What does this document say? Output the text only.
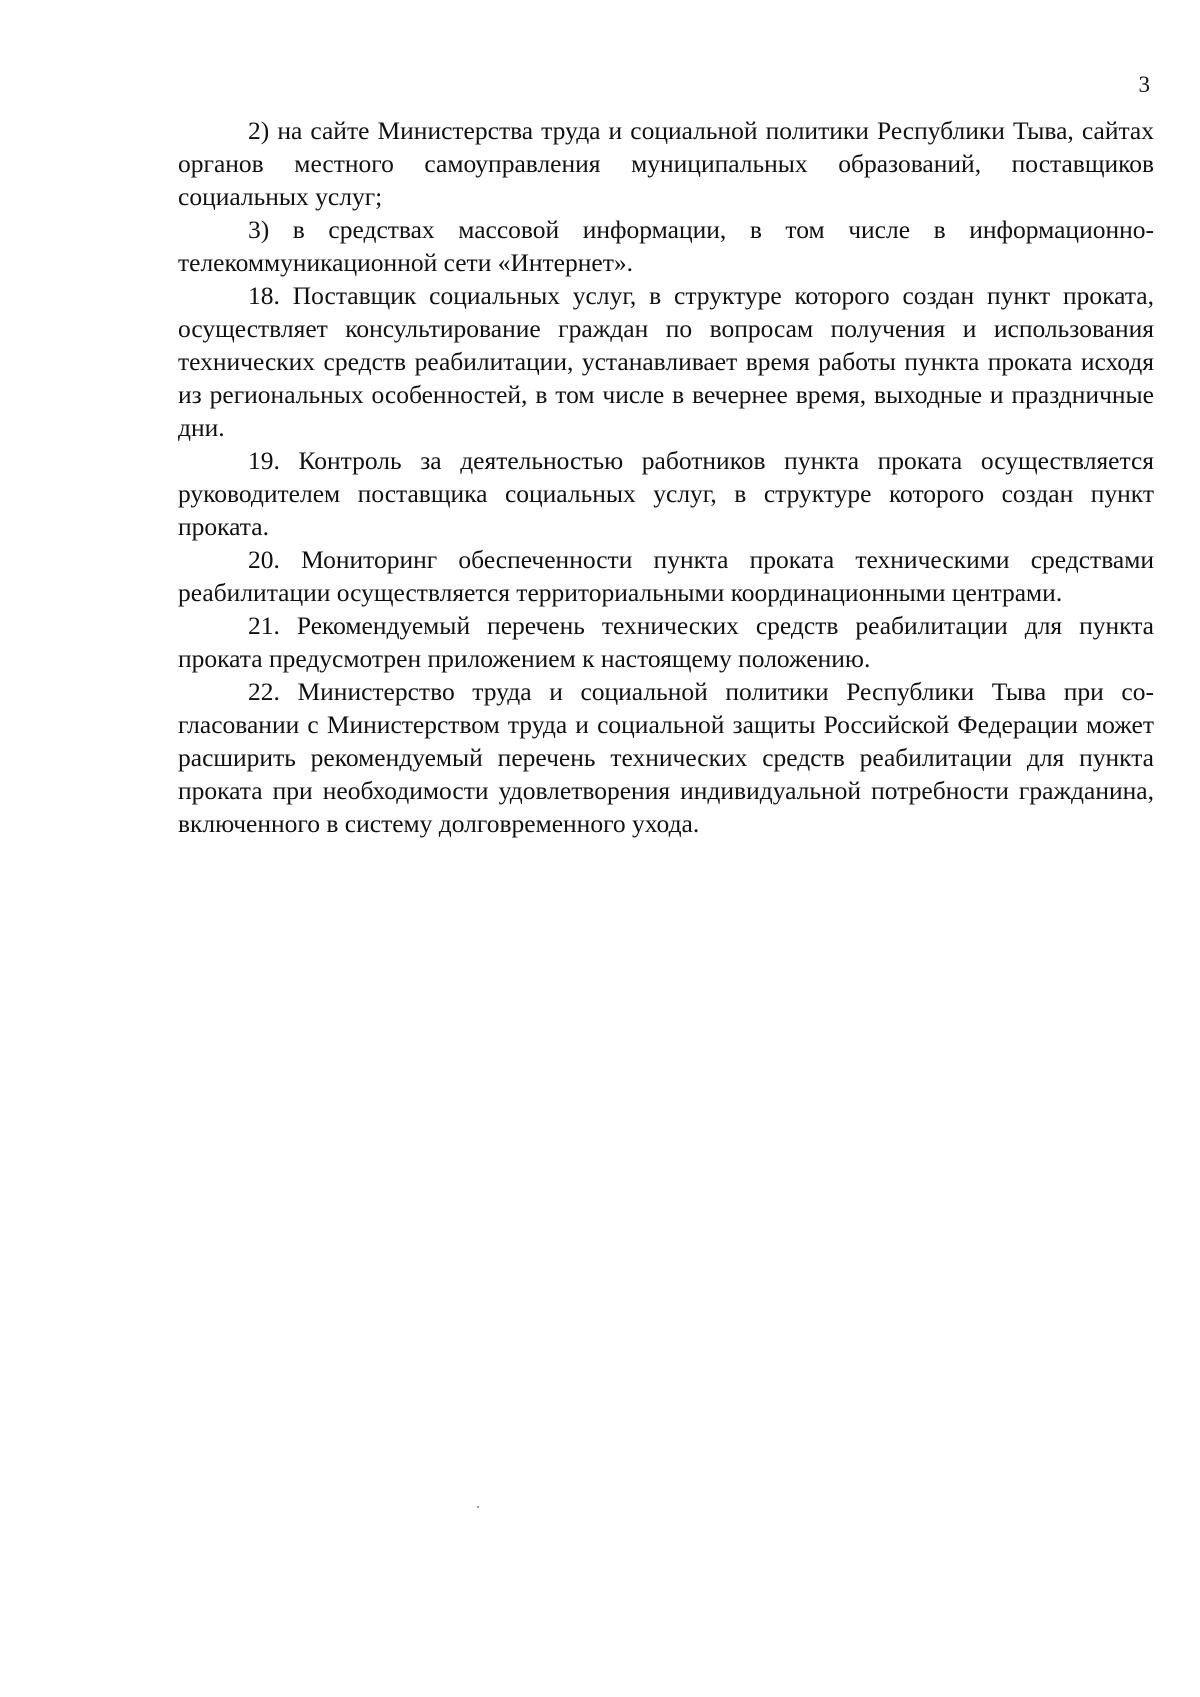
3

2) на сайте Министерства труда и социальной политики Республики Тыва, сайтах органов местного самоуправления муниципальных образований, поставщиков социальных услуг;

3) в средствах массовой информации, в том числе в информационно-телекоммуникационной сети «Интернет».

18. Поставщик социальных услуг, в структуре которого создан пункт проката, осуществляет консультирование граждан по вопросам получения и использования технических средств реабилитации, устанавливает время работы пункта проката исходя из региональных особенностей, в том числе в вечернее время, выходные и праздничные дни.

19. Контроль за деятельностью работников пункта проката осуществляется руководителем поставщика социальных услуг, в структуре которого создан пункт проката.

20. Мониторинг обеспеченности пункта проката техническими средствами реабилитации осуществляется территориальными координационными центрами.

21. Рекомендуемый перечень технических средств реабилитации для пункта проката предусмотрен приложением к настоящему положению.

22. Министерство труда и социальной политики Республики Тыва при согласовании с Министерством труда и социальной защиты Российской Федерации может расширить рекомендуемый перечень технических средств реабилитации для пункта проката при необходимости удовлетворения индивидуальной потребности гражданина, включенного в систему долговременного ухода.
